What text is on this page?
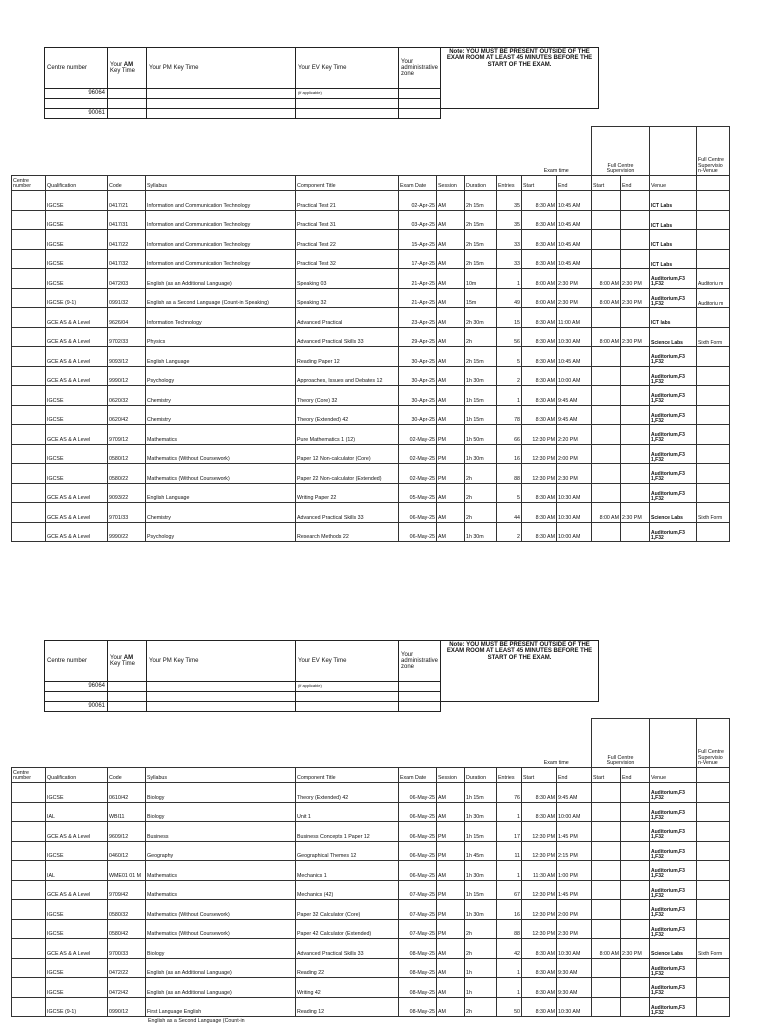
Centre number	Your AM Key Time	Your PM Key Time	Your EV Key Time	Your administrative zone	Note: YOU MUST BE PRESENT OUTSIDE OF THE EXAM ROOM AT LEAST 45 MINUTES BEFORE THE START OF THE EXAM.
96064			(if applicable)		

90061					
									Exam time		Full Centre Supervision			Full Centre Supervisio n-Venue
Centre number	Qualification	Code	Syllabus	Component Title	Exam Date	Session	Duration	Entries	Start	End	Start	End	Venue	
	IGCSE	0417/21	Information and Communication Technology	Practical Test 21	02-Apr-25	AM	2h 15m	35	8:30 AM	10:45 AM			ICT Labs	
	IGCSE	0417/31	Information and Communication Technology	Practical Test 31	03-Apr-25	AM	2h 15m	35	8:30 AM	10:45 AM			ICT Labs	
	IGCSE	0417/22	Information and Communication Technology	Practical Test 22	15-Apr-25	AM	2h 15m	33	8:30 AM	10:45 AM			ICT Labs	
	IGCSE	0417/32	Information and Communication Technology	Practical Test 32	17-Apr-25	AM	2h 15m	33	8:30 AM	10:45 AM			ICT Labs	
	IGCSE	0472/03	English (as an Additional Language)	Speaking 03	21-Apr-25	AM	10m	1	8:00 AM	2:30 PM	8:00 AM	2:30 PM	Auditorium,F3 1,F32	Auditoriu m
	IGCSE (9-1)	0991/32	English as a Second Language (Count-in Speaking)	Speaking 32	21-Apr-25	AM	15m	49	8:00 AM	2:30 PM	8:00 AM	2:30 PM	Auditorium,F3 1,F32	Auditoriu m
	GCE AS & A Level	9626/04	Information Technology	Advanced Practical	23-Apr-25	AM	2h 30m	15	8:30 AM	11:00 AM			ICT labs	
	GCE AS & A Level	9702/33	Physics	Advanced Practical Skills 33	29-Apr-25	AM	2h	56	8:30 AM	10:30 AM	8:00 AM	2:30 PM	Science Labs	Sixth Form
	GCE AS & A Level	9093/12	English Language	Reading Paper 12	30-Apr-25	AM	2h 15m	5	8:30 AM	10:45 AM			Auditorium,F3 1,F32	
	GCE AS & A Level	9990/12	Psychology	Approaches, Issues and Debates 12	30-Apr-25	AM	1h 30m	2	8:30 AM	10:00 AM			Auditorium,F3 1,F32	
	IGCSE	0620/32	Chemistry	Theory (Core) 32	30-Apr-25	AM	1h 15m	1	8:30 AM	9:45 AM			Auditorium,F3 1,F32	
	IGCSE	0620/42	Chemistry	Theory (Extended) 42	30-Apr-25	AM	1h 15m	78	8:30 AM	9:45 AM			Auditorium,F3 1,F32	
	GCE AS & A Level	9709/12	Mathematics	Pure Mathematics 1 (12)	02-May-25	PM	1h 50m	66	12:30 PM	2:20 PM			Auditorium,F3 1,F32	
	IGCSE	0580/12	Mathematics (Without Coursework)	Paper 12 Non-calculator (Core)	02-May-25	PM	1h 30m	16	12:30 PM	2:00 PM			Auditorium,F3 1,F32	
	IGCSE	0580/22	Mathematics (Without Coursework)	Paper 22 Non-calculator (Extended)	02-May-25	PM	2h	88	12:30 PM	2:30 PM			Auditorium,F3 1,F32	
	GCE AS & A Level	9093/22	English Language	Writing Paper 22	05-May-25	AM	2h	5	8:30 AM	10:30 AM			Auditorium,F3 1,F32	
	GCE AS & A Level	9701/33	Chemistry	Advanced Practical Skills 33	06-May-25	AM	2h	44	8:30 AM	10:30 AM	8:00 AM	2:30 PM	Science Labs	Sixth Form
	GCE AS & A Level	9990/22	Psychology	Research Methods 22	06-May-25	AM	1h 30m	2	8:30 AM	10:00 AM			Auditorium,F3 1,F32	
Centre number	Your AM Key Time	Your PM Key Time	Your EV Key Time	Your administrative zone	Note: YOU MUST BE PRESENT OUTSIDE OF THE EXAM ROOM AT LEAST 45 MINUTES BEFORE THE START OF THE EXAM.
96064			(if applicable)		

90061					
									Exam time		Full Centre Supervision			Full Centre Supervisio n-Venue
Centre number	Qualification	Code	Syllabus	Component Title	Exam Date	Session	Duration	Entries	Start	End	Start	End	Venue	
	IGCSE	0610/42	Biology	Theory (Extended) 42	06-May-25	AM	1h 15m	76	8:30 AM	9:45 AM			Auditorium,F3 1,F32	
	IAL	WBI11	Biology	Unit 1	06-May-25	AM	1h 30m	1	8:30 AM	10:00 AM			Auditorium,F3 1,F32	
	GCE AS & A Level	9609/12	Business	Business Concepts 1 Paper 12	06-May-25	PM	1h 15m	17	12:30 PM	1:45 PM			Auditorium,F3 1,F32	
	IGCSE	0460/12	Geography	Geographical Themes 12	06-May-25	PM	1h 45m	11	12:30 PM	2:15 PM			Auditorium,F3 1,F32	
	IAL	WME01 01 M	Mathematics	Mechanics 1	06-May-25	AM	1h 30m	1	11:30 AM	1:00 PM			Auditorium,F3 1,F32	
	GCE AS & A Level	9709/42	Mathematics	Mechanics (42)	07-May-25	PM	1h 15m	67	12:30 PM	1:45 PM			Auditorium,F3 1,F32	
	IGCSE	0580/32	Mathematics (Without Coursework)	Paper 32 Calculator (Core)	07-May-25	PM	1h 30m	16	12:30 PM	2:00 PM			Auditorium,F3 1,F32	
	IGCSE	0580/42	Mathematics (Without Coursework)	Paper 42 Calculator (Extended)	07-May-25	PM	2h	88	12:30 PM	2:30 PM			Auditorium,F3 1,F32	
	GCE AS & A Level	9700/33	Biology	Advanced Practical Skills 33	08-May-25	AM	2h	42	8:30 AM	10:30 AM	8:00 AM	2:30 PM	Science Labs	Sixth Form
	IGCSE	0472/22	English (as an Additional Language)	Reading 22	08-May-25	AM	1h	1	8:30 AM	9:30 AM			Auditorium,F3 1,F32	
	IGCSE	0472/42	English (as an Additional Language)	Writing 42	08-May-25	AM	1h	1	8:30 AM	9:30 AM			Auditorium,F3 1,F32	
	IGCSE (9-1)	0990/12	First Language English	Reading 12	08-May-25	AM	2h	50	8:30 AM	10:30 AM			Auditorium,F3 1,F32	
English as a Second Language (Count-in
